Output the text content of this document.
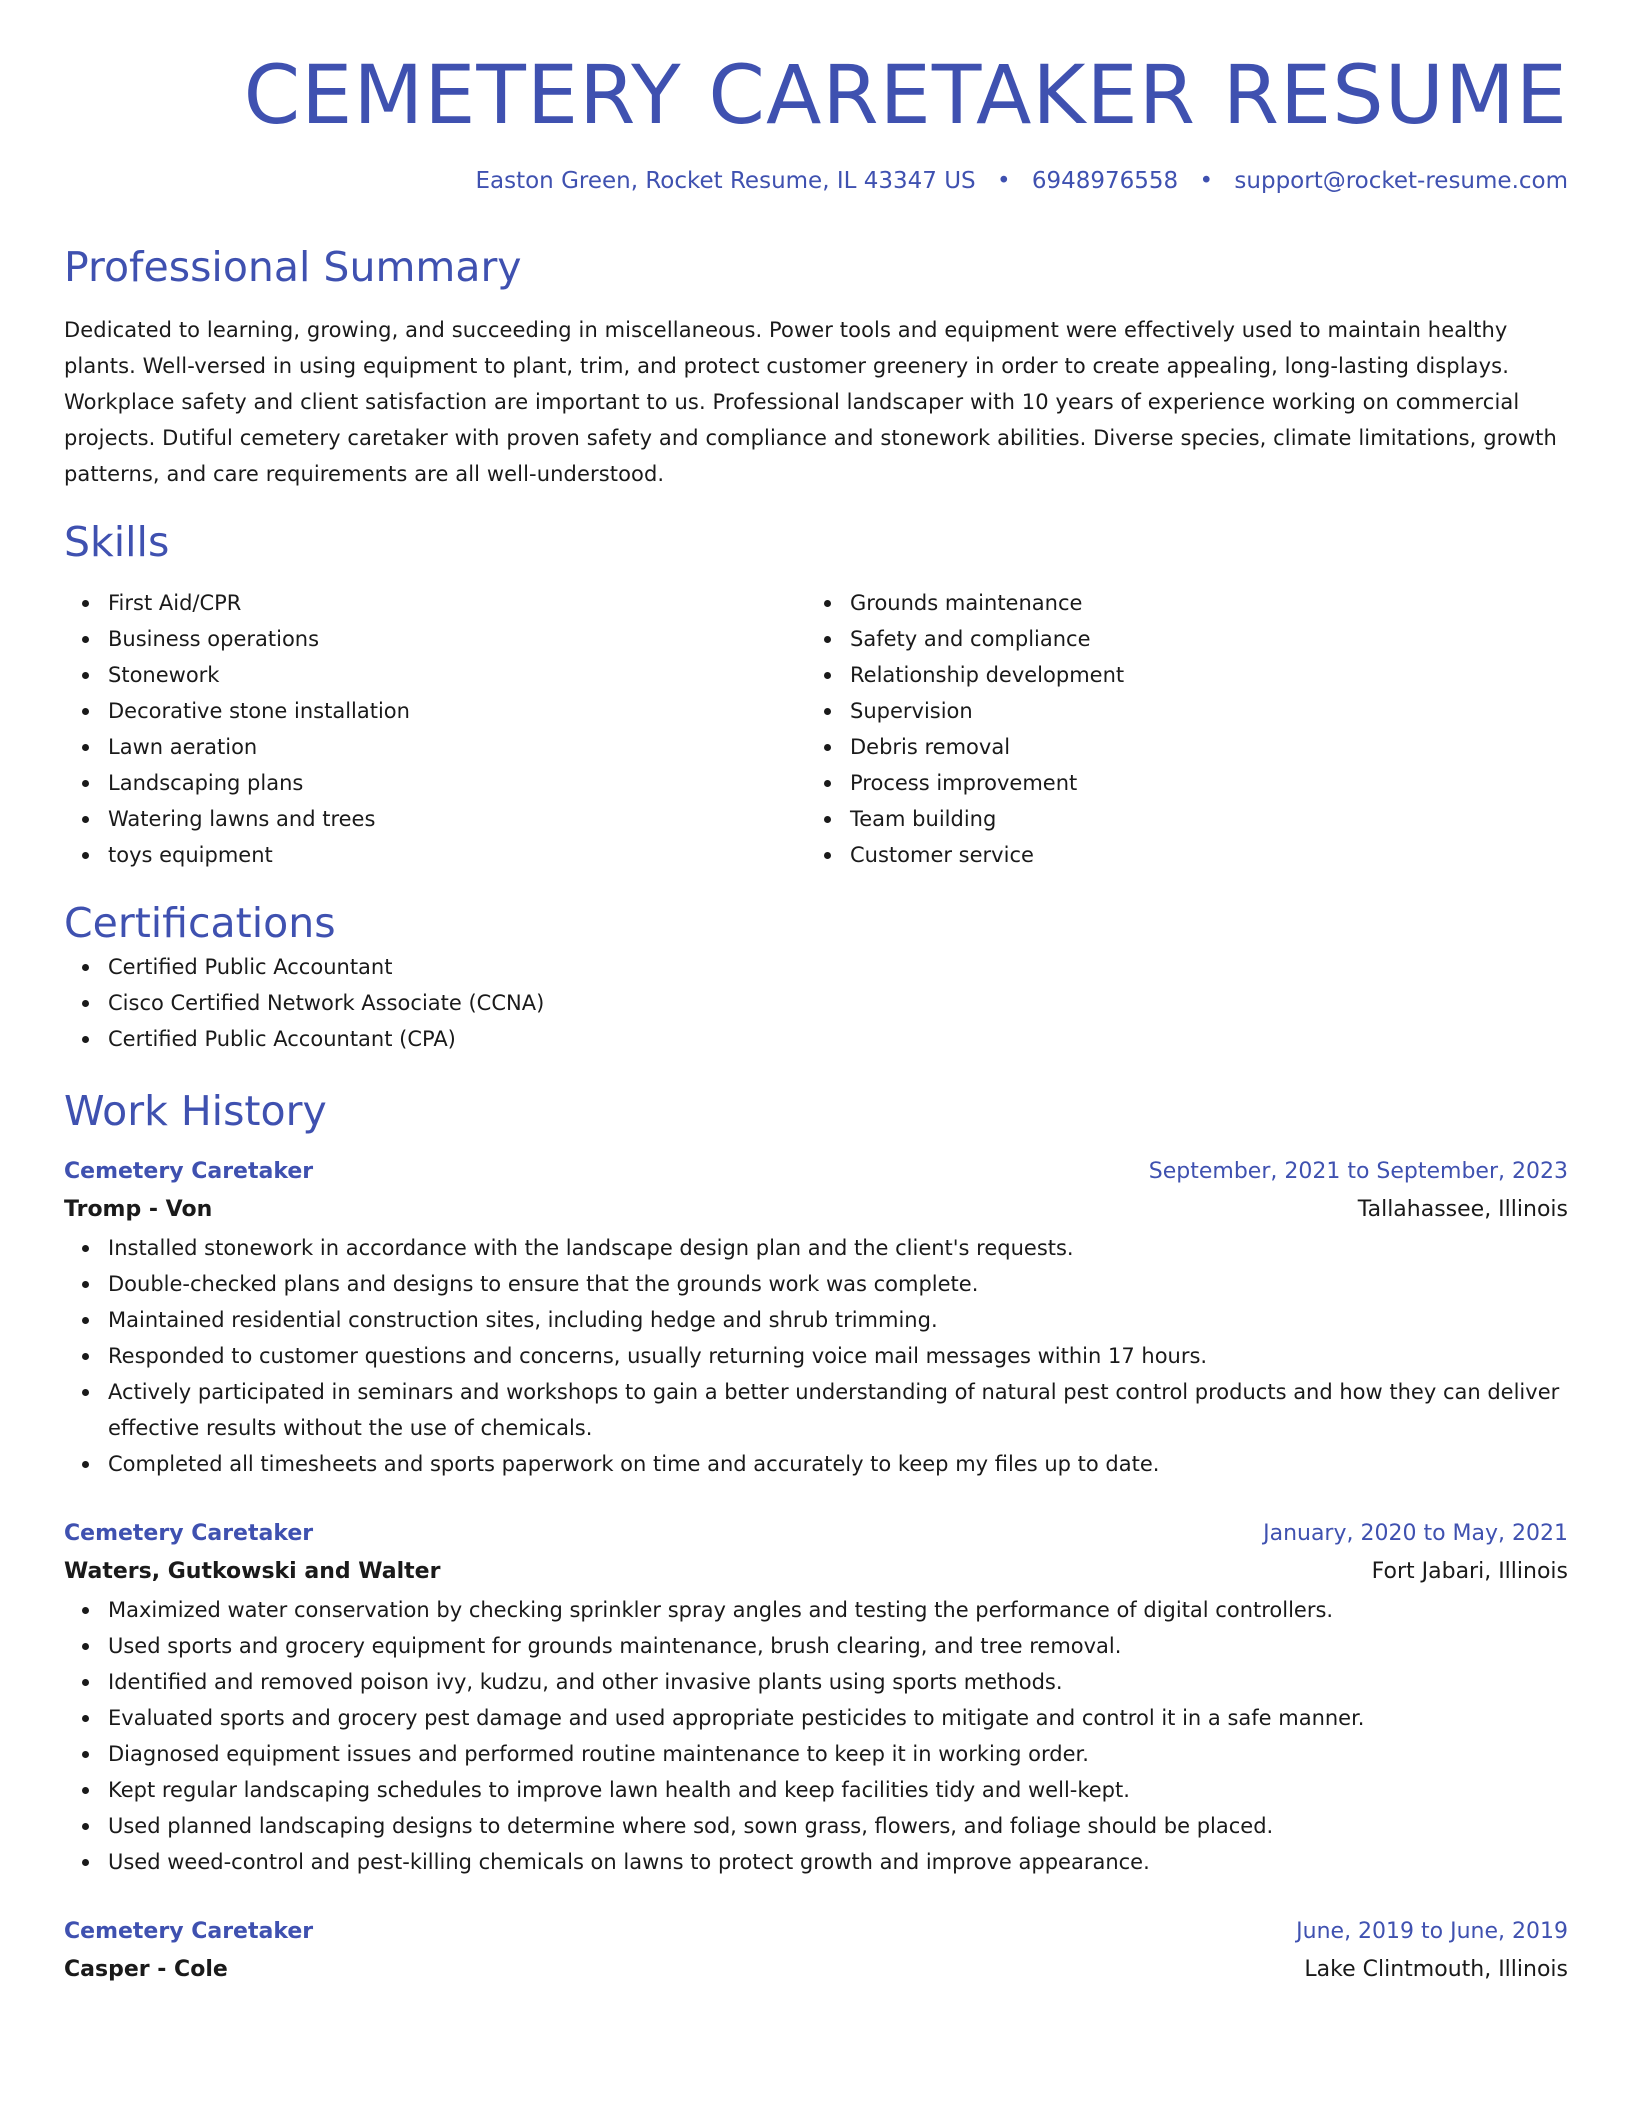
CEMETERY CARETAKER RESUME
Easton Green, Rocket Resume, IL 43347 US • 6948976558 • support@rocket-resume.com
Professional Summary

Dedicated to learning, growing, and succeeding in miscellaneous. Power tools and equipment were effectively used to maintain healthy plants. Well-versed in using equipment to plant, trim, and protect customer greenery in order to create appealing, long-lasting displays. Workplace safety and client satisfaction are important to us. Professional landscaper with 10 years of experience working on commercial projects. Dutiful cemetery caretaker with proven safety and compliance and stonework abilities. Diverse species, climate limitations, growth patterns, and care requirements are all well-understood.

Skills
First Aid/CPR
Business operations
Stonework
Decorative stone installation
Lawn aeration
Landscaping plans
Watering lawns and trees
toys equipment
Grounds maintenance
Safety and compliance
Relationship development
Supervision
Debris removal
Process improvement
Team building
Customer service
Certifications
Certified Public Accountant
Cisco Certified Network Associate (CCNA)
Certified Public Accountant (CPA)
Work History
Cemetery Caretaker	September, 2021 to September, 2023
Tromp - Von	Tallahassee, Illinois
Installed stonework in accordance with the landscape design plan and the client's requests.
Double-checked plans and designs to ensure that the grounds work was complete.
Maintained residential construction sites, including hedge and shrub trimming.
Responded to customer questions and concerns, usually returning voice mail messages within 17 hours.
Actively participated in seminars and workshops to gain a better understanding of natural pest control products and how they can deliver effective results without the use of chemicals.
Completed all timesheets and sports paperwork on time and accurately to keep my files up to date.
Cemetery Caretaker	January, 2020 to May, 2021
Waters, Gutkowski and Walter	Fort Jabari, Illinois
Maximized water conservation by checking sprinkler spray angles and testing the performance of digital controllers.
Used sports and grocery equipment for grounds maintenance, brush clearing, and tree removal.
Identified and removed poison ivy, kudzu, and other invasive plants using sports methods.
Evaluated sports and grocery pest damage and used appropriate pesticides to mitigate and control it in a safe manner.
Diagnosed equipment issues and performed routine maintenance to keep it in working order.
Kept regular landscaping schedules to improve lawn health and keep facilities tidy and well-kept.
Used planned landscaping designs to determine where sod, sown grass, flowers, and foliage should be placed.
Used weed-control and pest-killing chemicals on lawns to protect growth and improve appearance.
Cemetery Caretaker	June, 2019 to June, 2019
Casper - Cole	Lake Clintmouth, Illinois
